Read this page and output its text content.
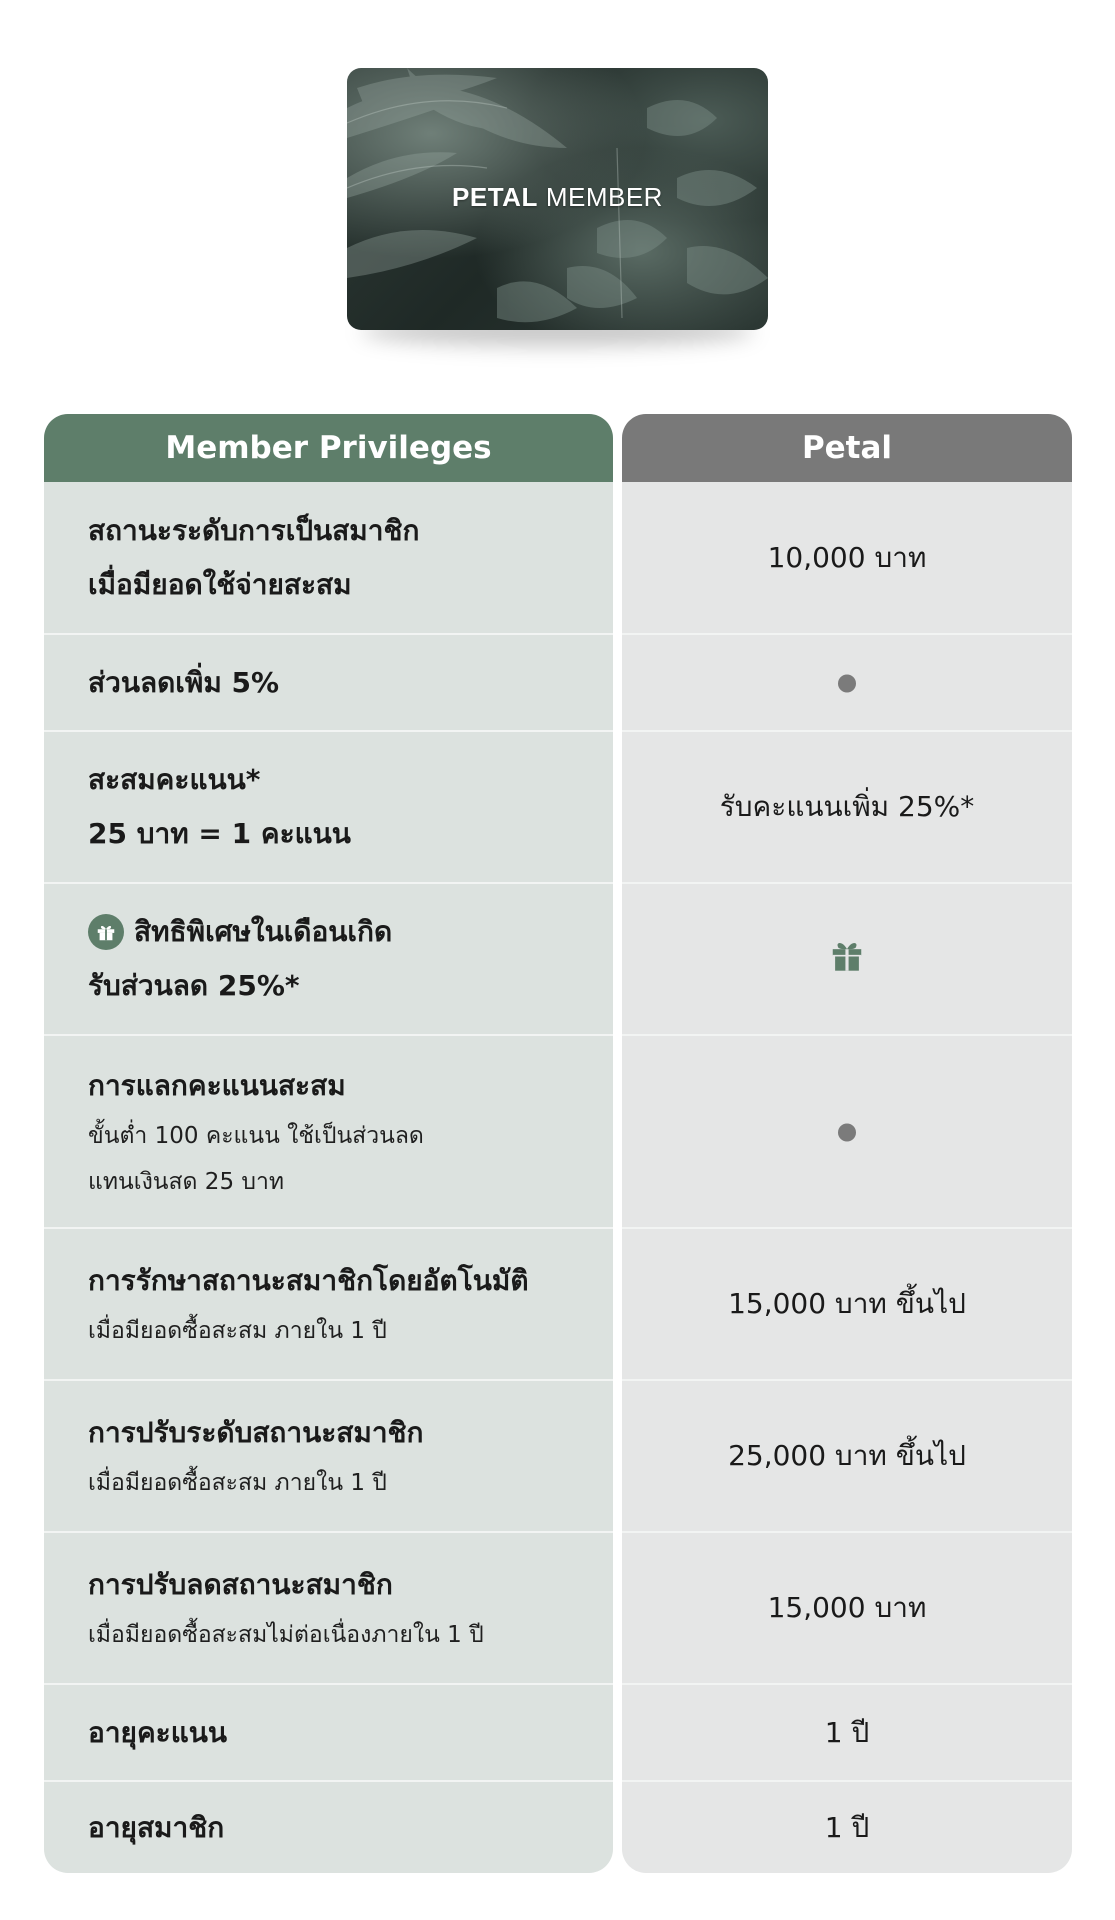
PETAL MEMBER
Member Privileges
สถานะระดับการเป็นสมาชิก
เมื่อมียอดใช้จ่ายสะสม
ส่วนลดเพิ่ม 5%
สะสมคะแนน*
25 บาท = 1 คะแนน
สิทธิพิเศษในเดือนเกิด
รับส่วนลด 25%*
การแลกคะแนนสะสม
ขั้นต่ำ 100 คะแนน ใช้เป็นส่วนลด
แทนเงินสด 25 บาท
การรักษาสถานะสมาชิกโดยอัตโนมัติ
เมื่อมียอดซื้อสะสม ภายใน 1 ปี
การปรับระดับสถานะสมาชิก
เมื่อมียอดซื้อสะสม ภายใน 1 ปี
การปรับลดสถานะสมาชิก
เมื่อมียอดซื้อสะสมไม่ต่อเนื่องภายใน 1 ปี
อายุคะแนน
อายุสมาชิก
Petal
10,000 บาท
รับคะแนนเพิ่ม 25%*
15,000 บาท ขึ้นไป
25,000 บาท ขึ้นไป
15,000 บาท
1 ปี
1 ปี
